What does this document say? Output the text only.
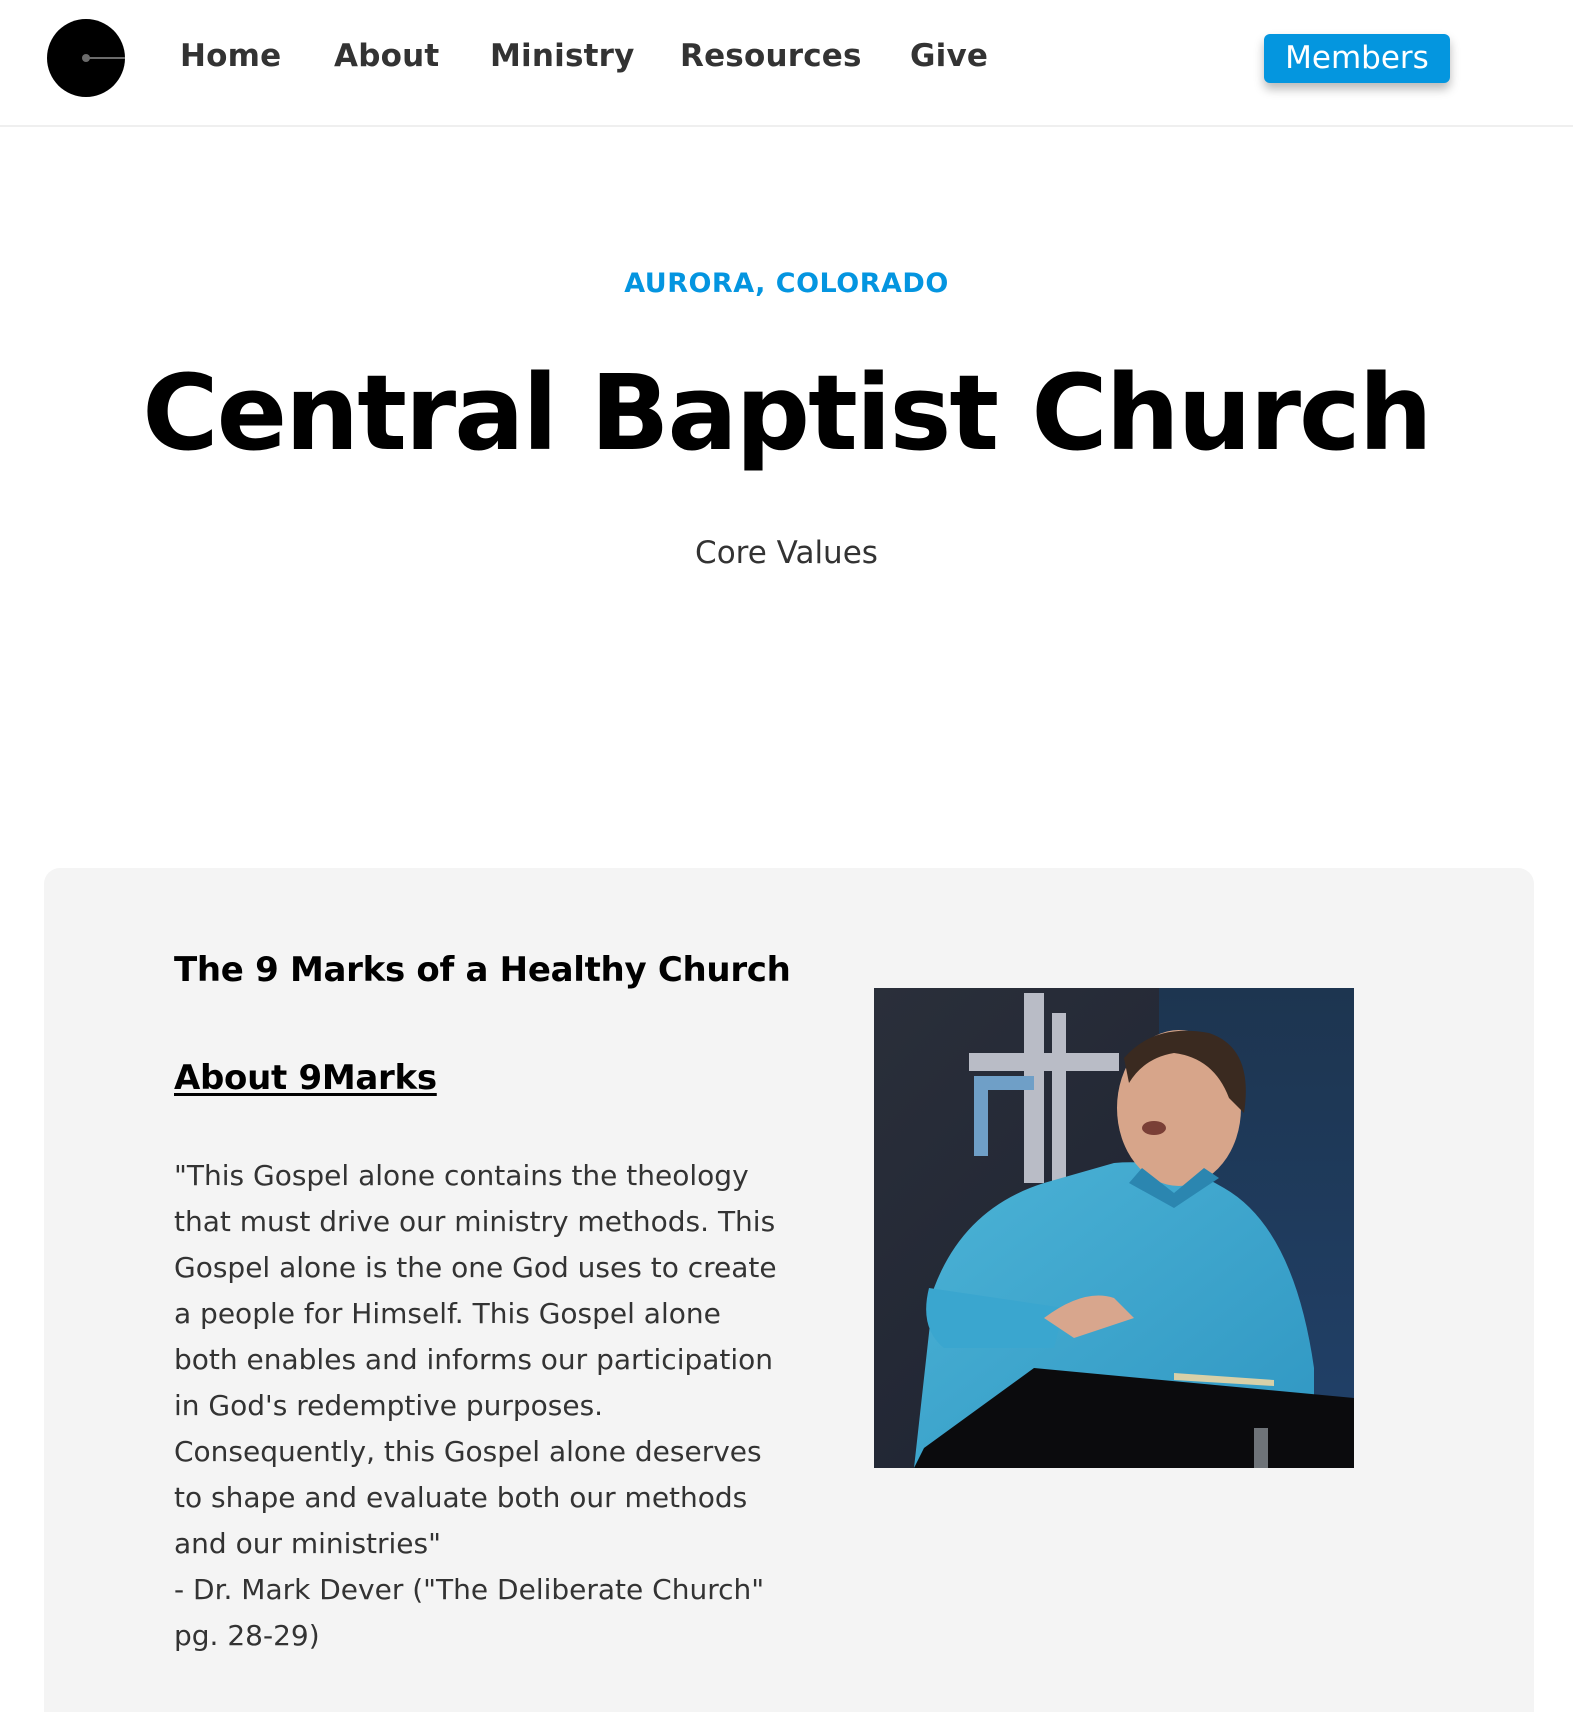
Home About Ministry Resources Give	Members
AURORA, COLORADO
Central Baptist Church
Core Values
The 9 Marks of a Healthy Church
About 9Marks
"This Gospel alone contains the theology
that must drive our ministry methods. This
Gospel alone is the one God uses to create
a people for Himself. This Gospel alone
both enables and informs our participation
in God's redemptive purposes.
Consequently, this Gospel alone deserves
to shape and evaluate both our methods
and our ministries"
- Dr. Mark Dever ("The Deliberate Church"
pg. 28-29)
